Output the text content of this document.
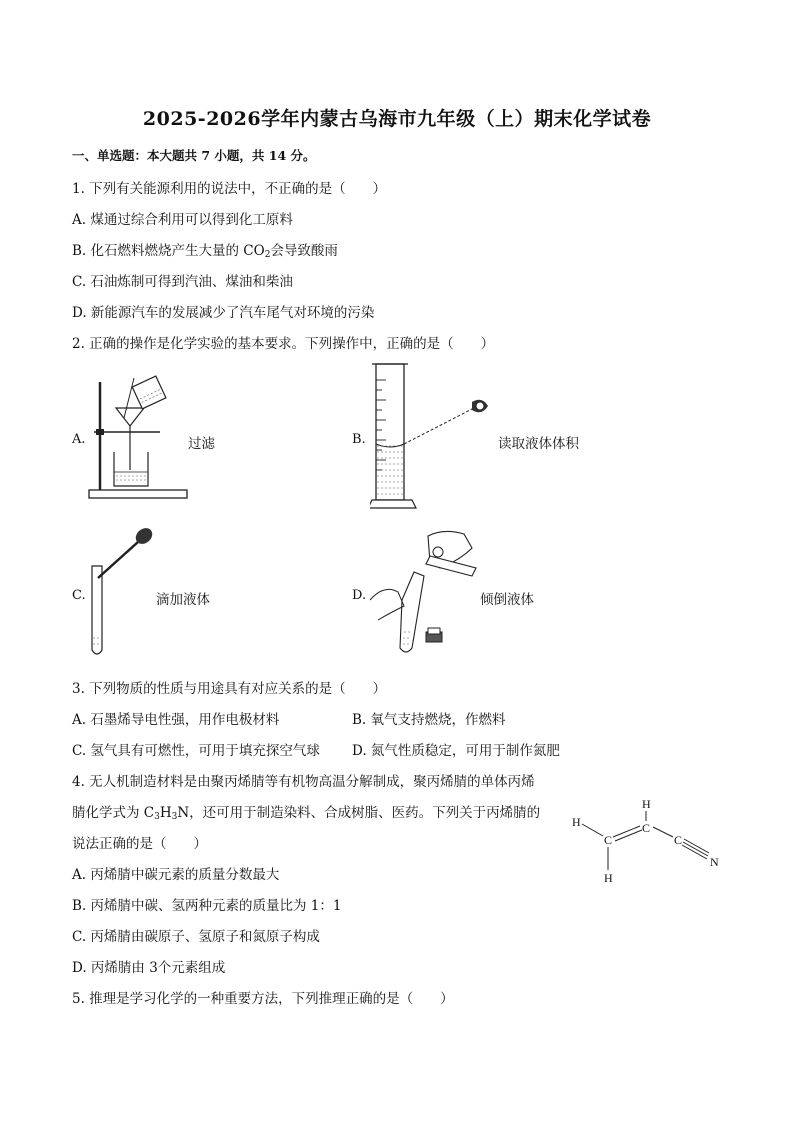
2025-2026学年内蒙古乌海市九年级（上）期末化学试卷
一、单选题：本大题共 7 小题，共 14 分。
1. 下列有关能源利用的说法中，不正确的是（　　）
A. 煤通过综合利用可以得到化工原料
B. 化石燃料燃烧产生大量的 $CO_2$会导致酸雨
C. 石油炼制可得到汽油、煤油和柴油
D. 新能源汽车的发展减少了汽车尾气对环境的污染
2. 正确的操作是化学实验的基本要求。下列操作中，正确的是（　　）
A.	过滤	B.	读取液体体积
C.	滴加液体	D.	倾倒液体
3. 下列物质的性质与用途具有对应关系的是（　　）
A. 石墨烯导电性强，用作电极材料	B. 氧气支持燃烧，作燃料
C. 氢气具有可燃性，可用于填充探空气球 D. 氮气性质稳定，可用于制作氮肥
4. 无人机制造材料是由聚丙烯腈等有机物高温分解制成，聚丙烯腈的单体丙烯
腈化学式为 $C_3H_3N$，还可用于制造染料、合成树脂、医药。下列关于丙烯腈的
说法正确的是（　　）
H
C
H
C
H
C
N
A. 丙烯腈中碳元素的质量分数最大
B. 丙烯腈中碳、氢两种元素的质量比为 1：1
C. 丙烯腈由碳原子、氢原子和氮原子构成
D. 丙烯腈由 3个元素组成
5. 推理是学习化学的一种重要方法，下列推理正确的是（　　）
